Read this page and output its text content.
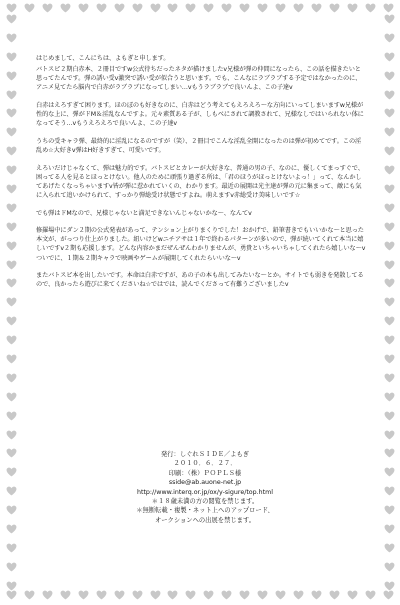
はじめまして、こんにちは、よもぎと申します。

バトスピ２期白赤本、２冊目ですw公式待ちだったネタが描けましたv兄様が弾の仲間になったら、この話を描きたいと思ってたんです。弾の誘い受v激突で誘い受が似合うと思います。でも、こんなにラブラブする予定ではなかったのに、アニメ見てたら脳内で白赤がラブラブになってしまい…vもうラブラブで良いんよ、この子達v

白赤はえろすぎて困ります。ほのぼのも好きなのに、白赤はどう考えてもえろえろ〜な方向にいってしまいますw兄様が性的な上に、弾がドM＆淫乱なんですよ。元々素質ある子が、しもべにされて調教されて、兄様なしではいられない体になってそう…vもうえろえろで良いんよ、この子達v

うちの受キャラ弾、最終的に淫乱になるのですが（笑）、２冊目でこんな淫乱全開になったのは弾が初めてです。この淫乱め☆大好きv弾はH好きすぎて、可愛いです。

えろいだけじゃなくて、弾は魅力的です。バトスピとカレーが大好きな、普通の男の子、なのに、優しくてまっすぐで、困ってる人を見るとほっとけない。他人のために頑張り過ぎる所は、「君のほうがほっとけないよっ！」って、なんかしてあげたくなっちゃいますv皆が弾に惹かれていくの、わかります。最近の展開は光主達が弾の元に集まって、敵にも気に入られて追いかけられて、すっかり弾総受け状態ですよね。萌えますv赤総受け美味しいです☆

でも弾はドMなので、兄様じゃないと満足できないんじゃないかな〜、なんてv

修羅場中にダン２期の公式発表があって、テンション上がりまくりでした！おかげで、鉛筆書きでもいいかな〜と思った本文が、がっつり仕上がりました。紐いけどwニチアサは１年で終わるパターンが多いので、弾が続いてくれて本当に嬉しいですv２期も応援します。どんな内容かまだぜんぜんわかりませんが、勇貴といちゃいちゃしてくれたら嬉しいな〜vついでに、１期＆２期キャラで映画やゲームが展開してくれたらいいな〜v

またバトスピ本を出したいです。本命は白赤ですが、あの子の本も出してみたいな〜とか。サイトでも弱きを発散してるので、良かったら遊びに来てくださいね☆ではでは、読んでくださって有難うございましたv

発行：しぐれＳＩＤＥ／よもぎ
２０１０．６．２７．
印刷：（株）ＰＯＰＬＳ様
sside@ab.auone-net.jp
http://www.interq.or.jp/ox/y-sigure/top.html
＊１８歳未満の方の閲覧を禁じます。
＊無断転載・複製・ネット上へのアップロード、
オークションへの出展を禁じます。
